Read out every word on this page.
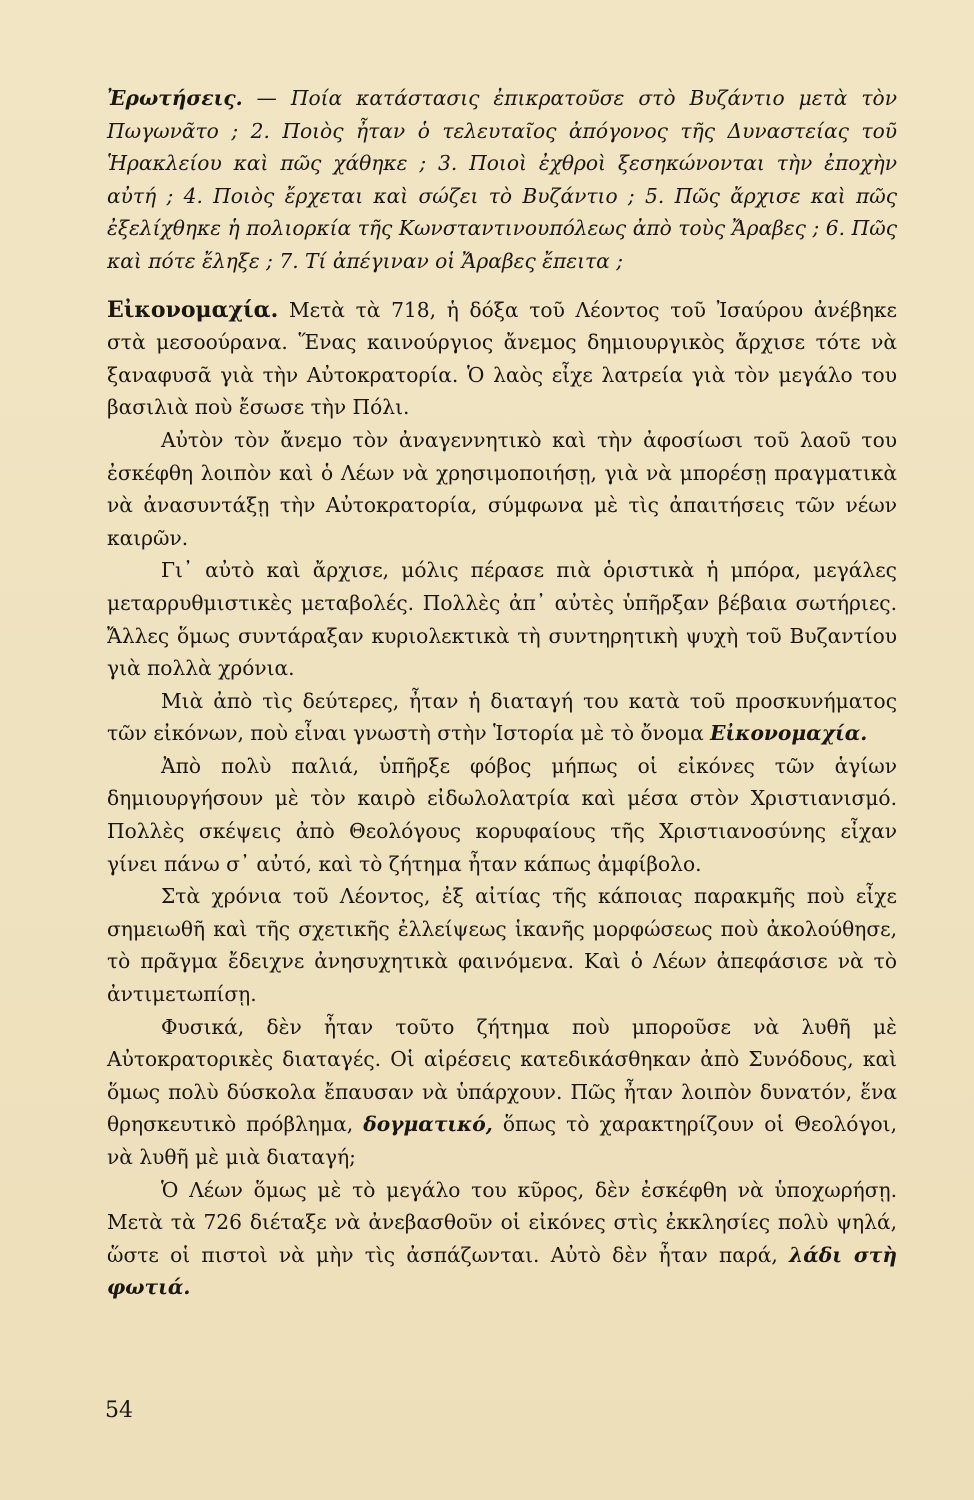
Ἐρωτήσεις. — Ποία κατάστασις ἐπικρατοῦσε στὸ Βυζάντιο μετὰ τὸν Πωγωνᾶτο ; 2. Ποιὸς ἦταν ὁ τελευταῖος ἀπόγονος τῆς Δυναστείας τοῦ Ἡρακλείου καὶ πῶς χάθηκε ; 3. Ποιοὶ ἐχθροὶ ξεσηκώνονται τὴν ἐποχὴν αὐτή ; 4. Ποιὸς ἔρχεται καὶ σώζει τὸ Βυζάντιο ; 5. Πῶς ἄρχισε καὶ πῶς ἐξελίχθηκε ἡ πολιορκία τῆς Κωνσταντινουπόλεως ἀπὸ τοὺς Ἄραβες ; 6. Πῶς καὶ πότε ἔληξε ; 7. Τί ἀπέγιναν οἱ Ἄραβες ἔπειτα ;

Εἰκονομαχία. Μετὰ τὰ 718, ἡ δόξα τοῦ Λέοντος τοῦ Ἰσαύρου ἀνέβηκε στὰ μεσοούρανα. Ἕνας καινούργιος ἄνεμος δημιουργικὸς ἄρχισε τότε νὰ ξαναφυσᾶ γιὰ τὴν Αὐτοκρατορία. Ὁ λαὸς εἶχε λατρεία γιὰ τὸν μεγάλο του βασιλιὰ ποὺ ἔσωσε τὴν Πόλι.

Αὐτὸν τὸν ἄνεμο τὸν ἀναγεννητικὸ καὶ τὴν ἀφοσίωσι τοῦ λαοῦ του ἐσκέφθη λοιπὸν καὶ ὁ Λέων νὰ χρησιμοποιήσῃ, γιὰ νὰ μπορέσῃ πραγματικὰ νὰ ἀνασυντάξῃ τὴν Αὐτοκρατορία, σύμφωνα μὲ τὶς ἀπαιτήσεις τῶν νέων καιρῶν.

Γι᾿ αὐτὸ καὶ ἄρχισε, μόλις πέρασε πιὰ ὁριστικὰ ἡ μπόρα, μεγάλες μεταρρυθμιστικὲς μεταβολές. Πολλὲς ἀπ᾿ αὐτὲς ὑπῆρξαν βέβαια σωτήριες. Ἄλλες ὅμως συντάραξαν κυριολεκτικὰ τὴ συντηρητικὴ ψυχὴ τοῦ Βυζαντίου γιὰ πολλὰ χρόνια.

Μιὰ ἀπὸ τὶς δεύτερες, ἦταν ἡ διαταγή του κατὰ τοῦ προσκυνήματος τῶν εἰκόνων, ποὺ εἶναι γνωστὴ στὴν Ἱστορία μὲ τὸ ὄνομα Εἰκονομαχία.

Ἀπὸ πολὺ παλιά, ὑπῆρξε φόβος μήπως οἱ εἰκόνες τῶν ἁγίων δημιουργήσουν μὲ τὸν καιρὸ εἰδωλολατρία καὶ μέσα στὸν Χριστιανισμό. Πολλὲς σκέψεις ἀπὸ Θεολόγους κορυφαίους τῆς Χριστιανοσύνης εἶχαν γίνει πάνω σ᾿ αὐτό, καὶ τὸ ζήτημα ἦταν κάπως ἀμφίβολο.

Στὰ χρόνια τοῦ Λέοντος, ἐξ αἰτίας τῆς κάποιας παρακμῆς ποὺ εἶχε σημειωθῆ καὶ τῆς σχετικῆς ἐλλείψεως ἱκανῆς μορφώσεως ποὺ ἀκολούθησε, τὸ πρᾶγμα ἔδειχνε ἀνησυχητικὰ φαινόμενα. Καὶ ὁ Λέων ἀπεφάσισε νὰ τὸ ἀντιμετωπίσῃ.

Φυσικά, δὲν ἦταν τοῦτο ζήτημα ποὺ μποροῦσε νὰ λυθῆ μὲ Αὐτοκρατορικὲς διαταγές. Οἱ αἱρέσεις κατεδικάσθηκαν ἀπὸ Συνόδους, καὶ ὅμως πολὺ δύσκολα ἔπαυσαν νὰ ὑπάρχουν. Πῶς ἦταν λοιπὸν δυνατόν, ἕνα θρησκευτικὸ πρόβλημα, δογματικό, ὅπως τὸ χαρακτηρίζουν οἱ Θεολόγοι, νὰ λυθῆ μὲ μιὰ διαταγή;

Ὁ Λέων ὅμως μὲ τὸ μεγάλο του κῦρος, δὲν ἐσκέφθη νὰ ὑποχωρήσῃ. Μετὰ τὰ 726 διέταξε νὰ ἀνεβασθοῦν οἱ εἰκόνες στὶς ἐκκλησίες πολὺ ψηλά, ὥστε οἱ πιστοὶ νὰ μὴν τὶς ἀσπάζωνται. Αὐτὸ δὲν ἦταν παρά, λάδι στὴ φωτιά.

54
